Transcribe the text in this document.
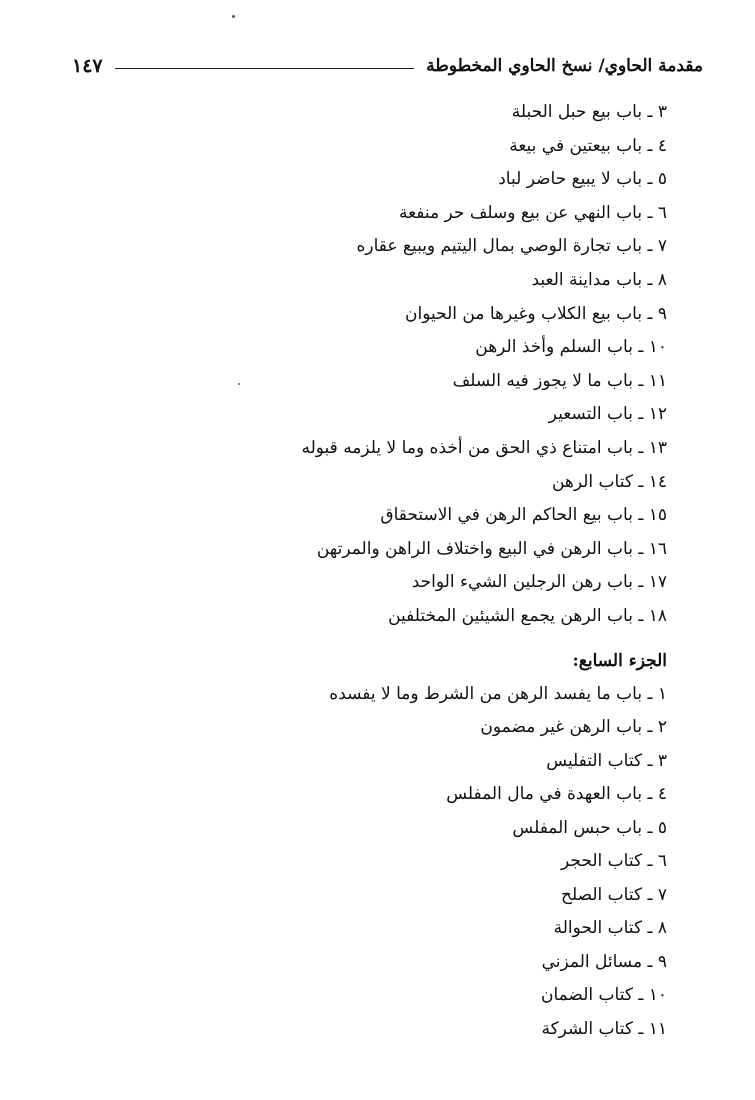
١٤٧	مقدمة الحاوي/ نسخ الحاوي المخطوطة
٣ ـ باب بيع حبل الحبلة
٤ ـ باب بيعتين في بيعة
٥ ـ باب لا يبيع حاضر لباد
٦ ـ باب النهي عن بيع وسلف حر منفعة
٧ ـ باب تجارة الوصي بمال اليتيم ويبيع عقاره
٨ ـ باب مداينة العبد
٩ ـ باب بيع الكلاب وغيرها من الحيوان
١٠ ـ باب السلم وأخذ الرهن
١١ ـ باب ما لا يجوز فيه السلف
١٢ ـ باب التسعير
١٣ ـ باب امتناع ذي الحق من أخذه وما لا يلزمه قبوله
١٤ ـ كتاب الرهن
١٥ ـ باب بيع الحاكم الرهن في الاستحقاق
١٦ ـ باب الرهن في البيع واختلاف الراهن والمرتهن
١٧ ـ باب رهن الرجلين الشيء الواحد
١٨ ـ باب الرهن يجمع الشيئين المختلفين
الجزء السابع:
١ ـ باب ما يفسد الرهن من الشرط وما لا يفسده
٢ ـ باب الرهن غير مضمون
٣ ـ كتاب التفليس
٤ ـ باب العهدة في مال المفلس
٥ ـ باب حبس المفلس
٦ ـ كتاب الحجر
٧ ـ كتاب الصلح
٨ ـ كتاب الحوالة
٩ ـ مسائل المزني
١٠ ـ كتاب الضمان
١١ ـ كتاب الشركة
